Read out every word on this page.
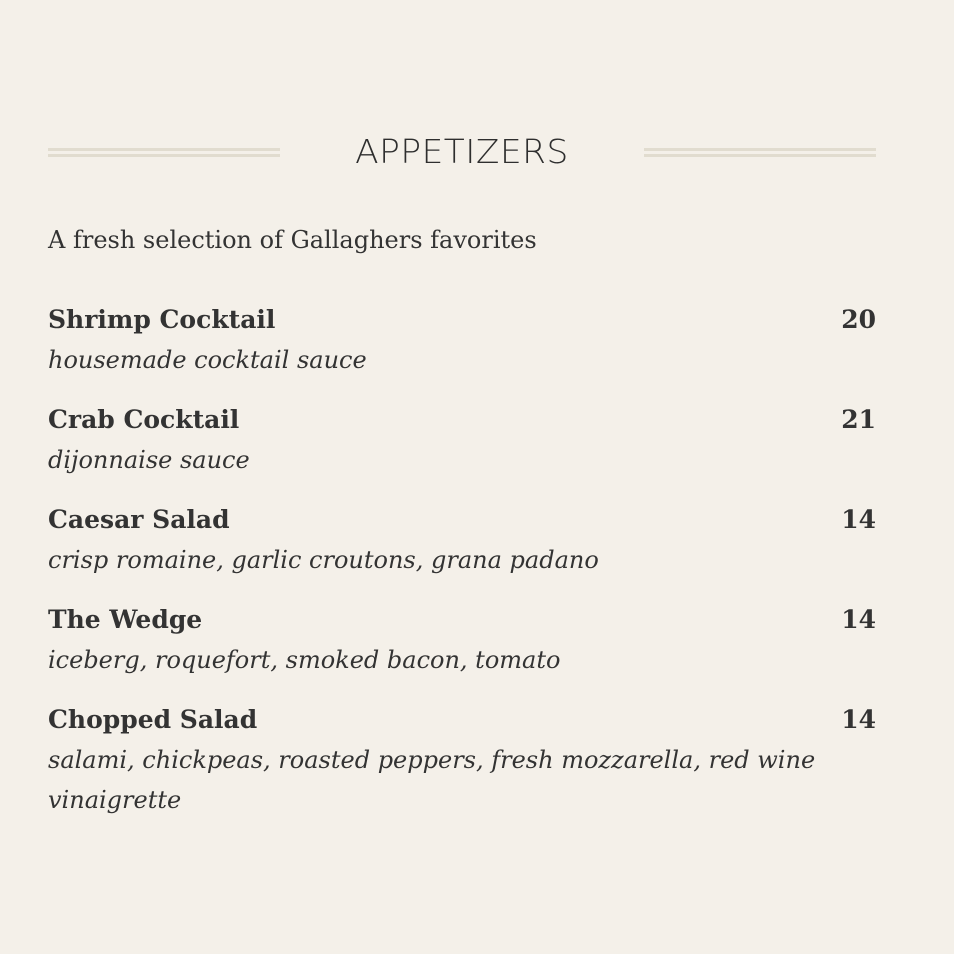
APPETIZERS
A fresh selection of Gallaghers favorites
Shrimp Cocktail	20
housemade cocktail sauce
Crab Cocktail	21
dijonnaise sauce
Caesar Salad	14
crisp romaine, garlic croutons, grana padano
The Wedge	14
iceberg, roquefort, smoked bacon, tomato
Chopped Salad	14
salami, chickpeas, roasted peppers, fresh mozzarella, red wine vinaigrette
